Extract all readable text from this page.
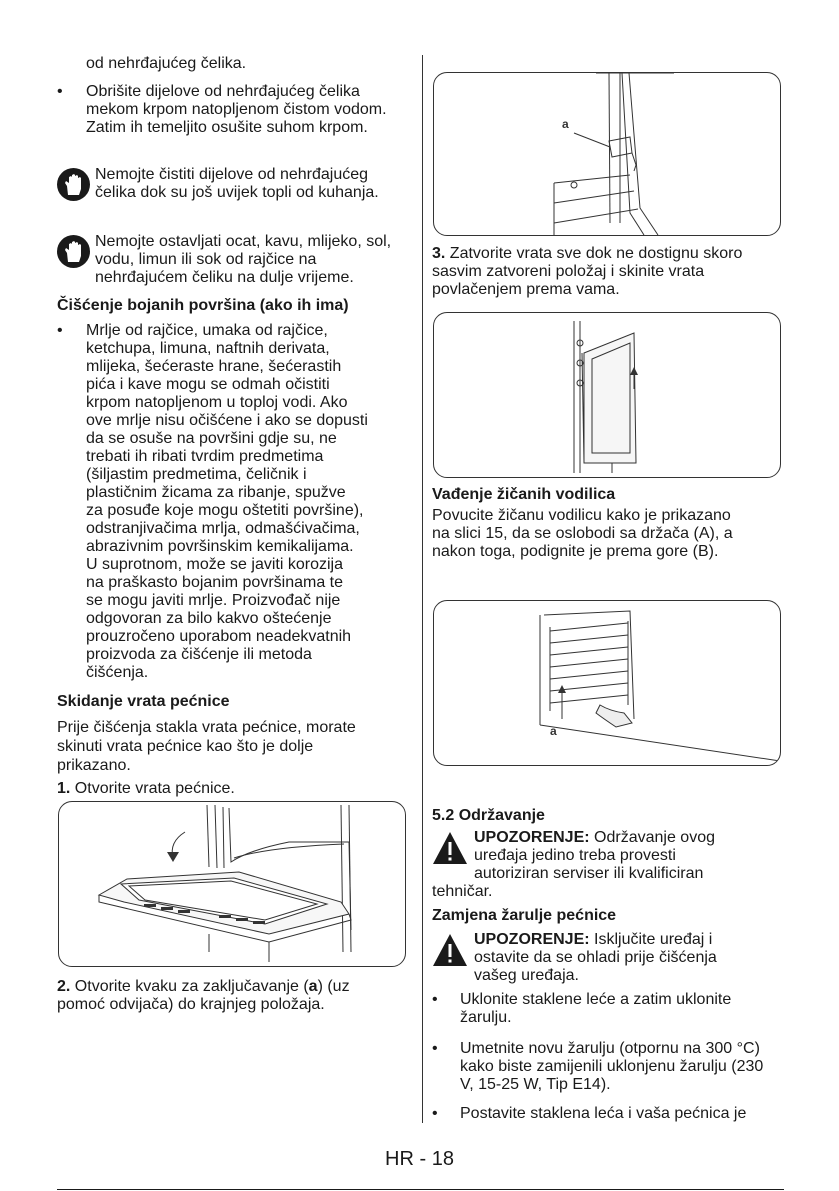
od nehrđajućeg čelika.

• Obrišite dijelove od nehrđajućeg čelika mekom krpom natopljenom čistom vodom. Zatim ih temeljito osušite suhom krpom.
Nemojte čistiti dijelove od nehrđajućeg čelika dok su još uvijek topli od kuhanja.
Nemojte ostavljati ocat, kavu, mlijeko, sol, vodu, limun ili sok od rajčice na nehrđajućem čeliku na dulje vrijeme.
Čišćenje bojanih površina (ako ih ima)
• Mrlje od rajčice, umaka od rajčice,
ketchupa, limuna, naftnih derivata,
mlijeka, šećeraste hrane, šećerastih
pića i kave mogu se odmah očistiti
krpom natopljenom u toploj vodi. Ako
ove mrlje nisu očišćene i ako se dopusti
da se osuše na površini gdje su, ne
trebati ih ribati tvrdim predmetima
(šiljastim predmetima, čeličnik i
plastičnim žicama za ribanje, spužve
za posuđe koje mogu oštetiti površine),
odstranjivačima mrlja, odmašćivačima,
abrazivnim površinskim kemikalijama.
U suprotnom, može se javiti korozija
na praškasto bojanim površinama te
se mogu javiti mrlje. Proizvođač nije
odgovoran za bilo kakvo oštećenje
prouzročeno uporabom neadekvatnih
proizvoda za čišćenje ili metoda
čišćenja.
Skidanje vrata pećnice
Prije čišćenja stakla vrata pećnice, morate
skinuti vrata pećnice kao što je dolje
prikazano.

1. Otvorite vrata pećnice.

2. Otvorite kvaku za zaključavanje (a) (uz
pomoć odvijača) do krajnjeg položaja.

a
3. Zatvorite vrata sve dok ne dostignu skoro
sasvim zatvoreni položaj i skinite vrata
povlačenjem prema vama.
Vađenje žičanih vodilica
Povucite žičanu vodilicu kako je prikazano
na slici 15, da se oslobodi sa držača (A), a
nakon toga, podignite je prema gore (B).
a
5.2 Održavanje
UPOZORENJE: Održavanje ovog
uređaja jedino treba provesti
autoriziran serviser ili kvalificiran
tehničar.
Zamjena žarulje pećnice
UPOZORENJE: Isključite uređaj i
ostavite da se ohladi prije čišćenja
vašeg uređaja.
• Uklonite staklene leće a zatim uklonite žarulju.
• Umetnite novu žarulju (otpornu na 300 °C) kako biste zamijenili uklonjenu žarulju (230 V, 15-25 W, Tip E14).
• Postavite staklena leća i vaša pećnica je
HR - 18
